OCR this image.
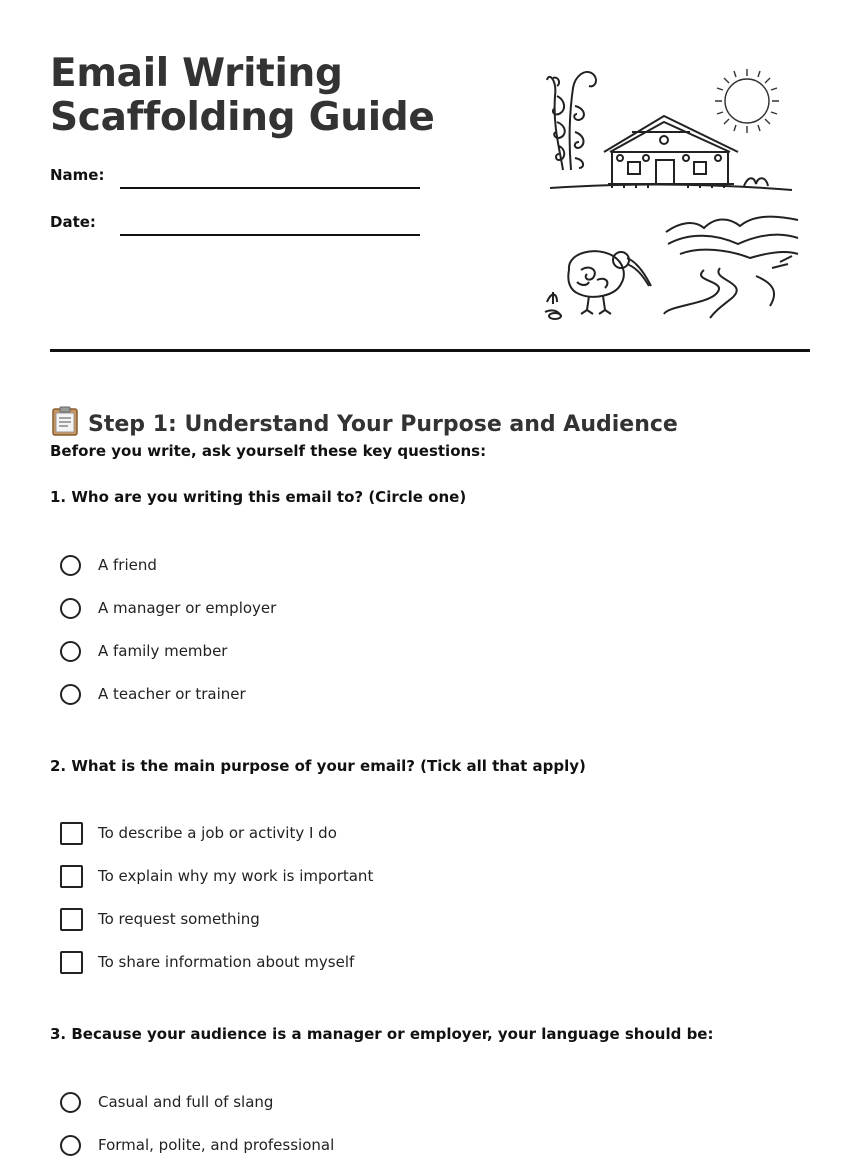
Email Writing
Scaffolding Guide
Name:
Date:
Step 1: Understand Your Purpose and Audience
Before you write, ask yourself these key questions:
1. Who are you writing this email to? (Circle one)
A friend
A manager or employer
A family member
A teacher or trainer
2. What is the main purpose of your email? (Tick all that apply)
To describe a job or activity I do
To explain why my work is important
To request something
To share information about myself
3. Because your audience is a manager or employer, your language should be:
Casual and full of slang
Formal, polite, and professional
